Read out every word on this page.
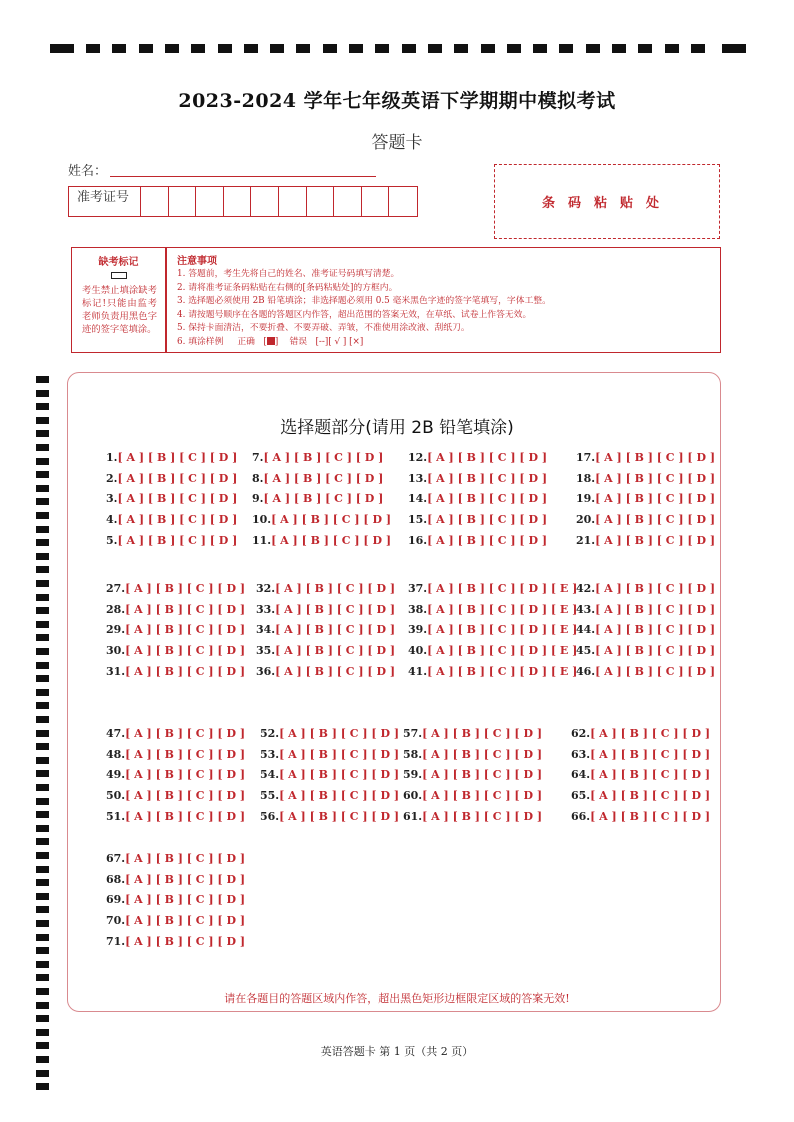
2023-2024 学年七年级英语下学期期中模拟考试
答题卡
姓名：
准考证号	条码粘贴处
缺考标记
考生禁止填涂缺考标记!只能由监考老师负责用黑色字迹的签字笔填涂。
注意事项
1. 答题前，考生先将自己的姓名、准考证号码填写清楚。
2. 请将准考证条码粘贴在右侧的[条码粘贴处]的方框内。
3. 选择题必须使用 2B 铅笔填涂；非选择题必须用 0.5 毫米黑色字迹的签字笔填写，字体工整。
4. 请按题号顺序在各题的答题区内作答，超出范围的答案无效，在草纸、试卷上作答无效。
5. 保持卡面清洁，不要折叠、不要弄破、弄皱，不准使用涂改液、刮纸刀。
6. 填涂样例 正确   [ ]    错误 [--][ √ ] [×]
选择题部分(请用 2B 铅笔填涂)
1.[ A ] [ B ] [ C ] [ D ]
2.[ A ] [ B ] [ C ] [ D ]
3.[ A ] [ B ] [ C ] [ D ]
4.[ A ] [ B ] [ C ] [ D ]
5.[ A ] [ B ] [ C ] [ D ]
7.[ A ] [ B ] [ C ] [ D ]
8.[ A ] [ B ] [ C ] [ D ]
9.[ A ] [ B ] [ C ] [ D ]
10.[ A ] [ B ] [ C ] [ D ]
11.[ A ] [ B ] [ C ] [ D ]
12.[ A ] [ B ] [ C ] [ D ]
13.[ A ] [ B ] [ C ] [ D ]
14.[ A ] [ B ] [ C ] [ D ]
15.[ A ] [ B ] [ C ] [ D ]
16.[ A ] [ B ] [ C ] [ D ]
17.[ A ] [ B ] [ C ] [ D ]
18.[ A ] [ B ] [ C ] [ D ]
19.[ A ] [ B ] [ C ] [ D ]
20.[ A ] [ B ] [ C ] [ D ]
21.[ A ] [ B ] [ C ] [ D ]
27.[ A ] [ B ] [ C ] [ D ]
28.[ A ] [ B ] [ C ] [ D ]
29.[ A ] [ B ] [ C ] [ D ]
30.[ A ] [ B ] [ C ] [ D ]
31.[ A ] [ B ] [ C ] [ D ]
32.[ A ] [ B ] [ C ] [ D ]
33.[ A ] [ B ] [ C ] [ D ]
34.[ A ] [ B ] [ C ] [ D ]
35.[ A ] [ B ] [ C ] [ D ]
36.[ A ] [ B ] [ C ] [ D ]
37.[ A ] [ B ] [ C ] [ D ] [ E ]
38.[ A ] [ B ] [ C ] [ D ] [ E ]
39.[ A ] [ B ] [ C ] [ D ] [ E ]
40.[ A ] [ B ] [ C ] [ D ] [ E ]
41.[ A ] [ B ] [ C ] [ D ] [ E ]
42.[ A ] [ B ] [ C ] [ D ]
43.[ A ] [ B ] [ C ] [ D ]
44.[ A ] [ B ] [ C ] [ D ]
45.[ A ] [ B ] [ C ] [ D ]
46.[ A ] [ B ] [ C ] [ D ]
47.[ A ] [ B ] [ C ] [ D ]
48.[ A ] [ B ] [ C ] [ D ]
49.[ A ] [ B ] [ C ] [ D ]
50.[ A ] [ B ] [ C ] [ D ]
51.[ A ] [ B ] [ C ] [ D ]
52.[ A ] [ B ] [ C ] [ D ]
53.[ A ] [ B ] [ C ] [ D ]
54.[ A ] [ B ] [ C ] [ D ]
55.[ A ] [ B ] [ C ] [ D ]
56.[ A ] [ B ] [ C ] [ D ]
57.[ A ] [ B ] [ C ] [ D ]
58.[ A ] [ B ] [ C ] [ D ]
59.[ A ] [ B ] [ C ] [ D ]
60.[ A ] [ B ] [ C ] [ D ]
61.[ A ] [ B ] [ C ] [ D ]
62.[ A ] [ B ] [ C ] [ D ]
63.[ A ] [ B ] [ C ] [ D ]
64.[ A ] [ B ] [ C ] [ D ]
65.[ A ] [ B ] [ C ] [ D ]
66.[ A ] [ B ] [ C ] [ D ]
67.[ A ] [ B ] [ C ] [ D ]
68.[ A ] [ B ] [ C ] [ D ]
69.[ A ] [ B ] [ C ] [ D ]
70.[ A ] [ B ] [ C ] [ D ]
71.[ A ] [ B ] [ C ] [ D ]
请在各题目的答题区域内作答，超出黑色矩形边框限定区域的答案无效!
英语答题卡 第 1 页（共 2 页）
